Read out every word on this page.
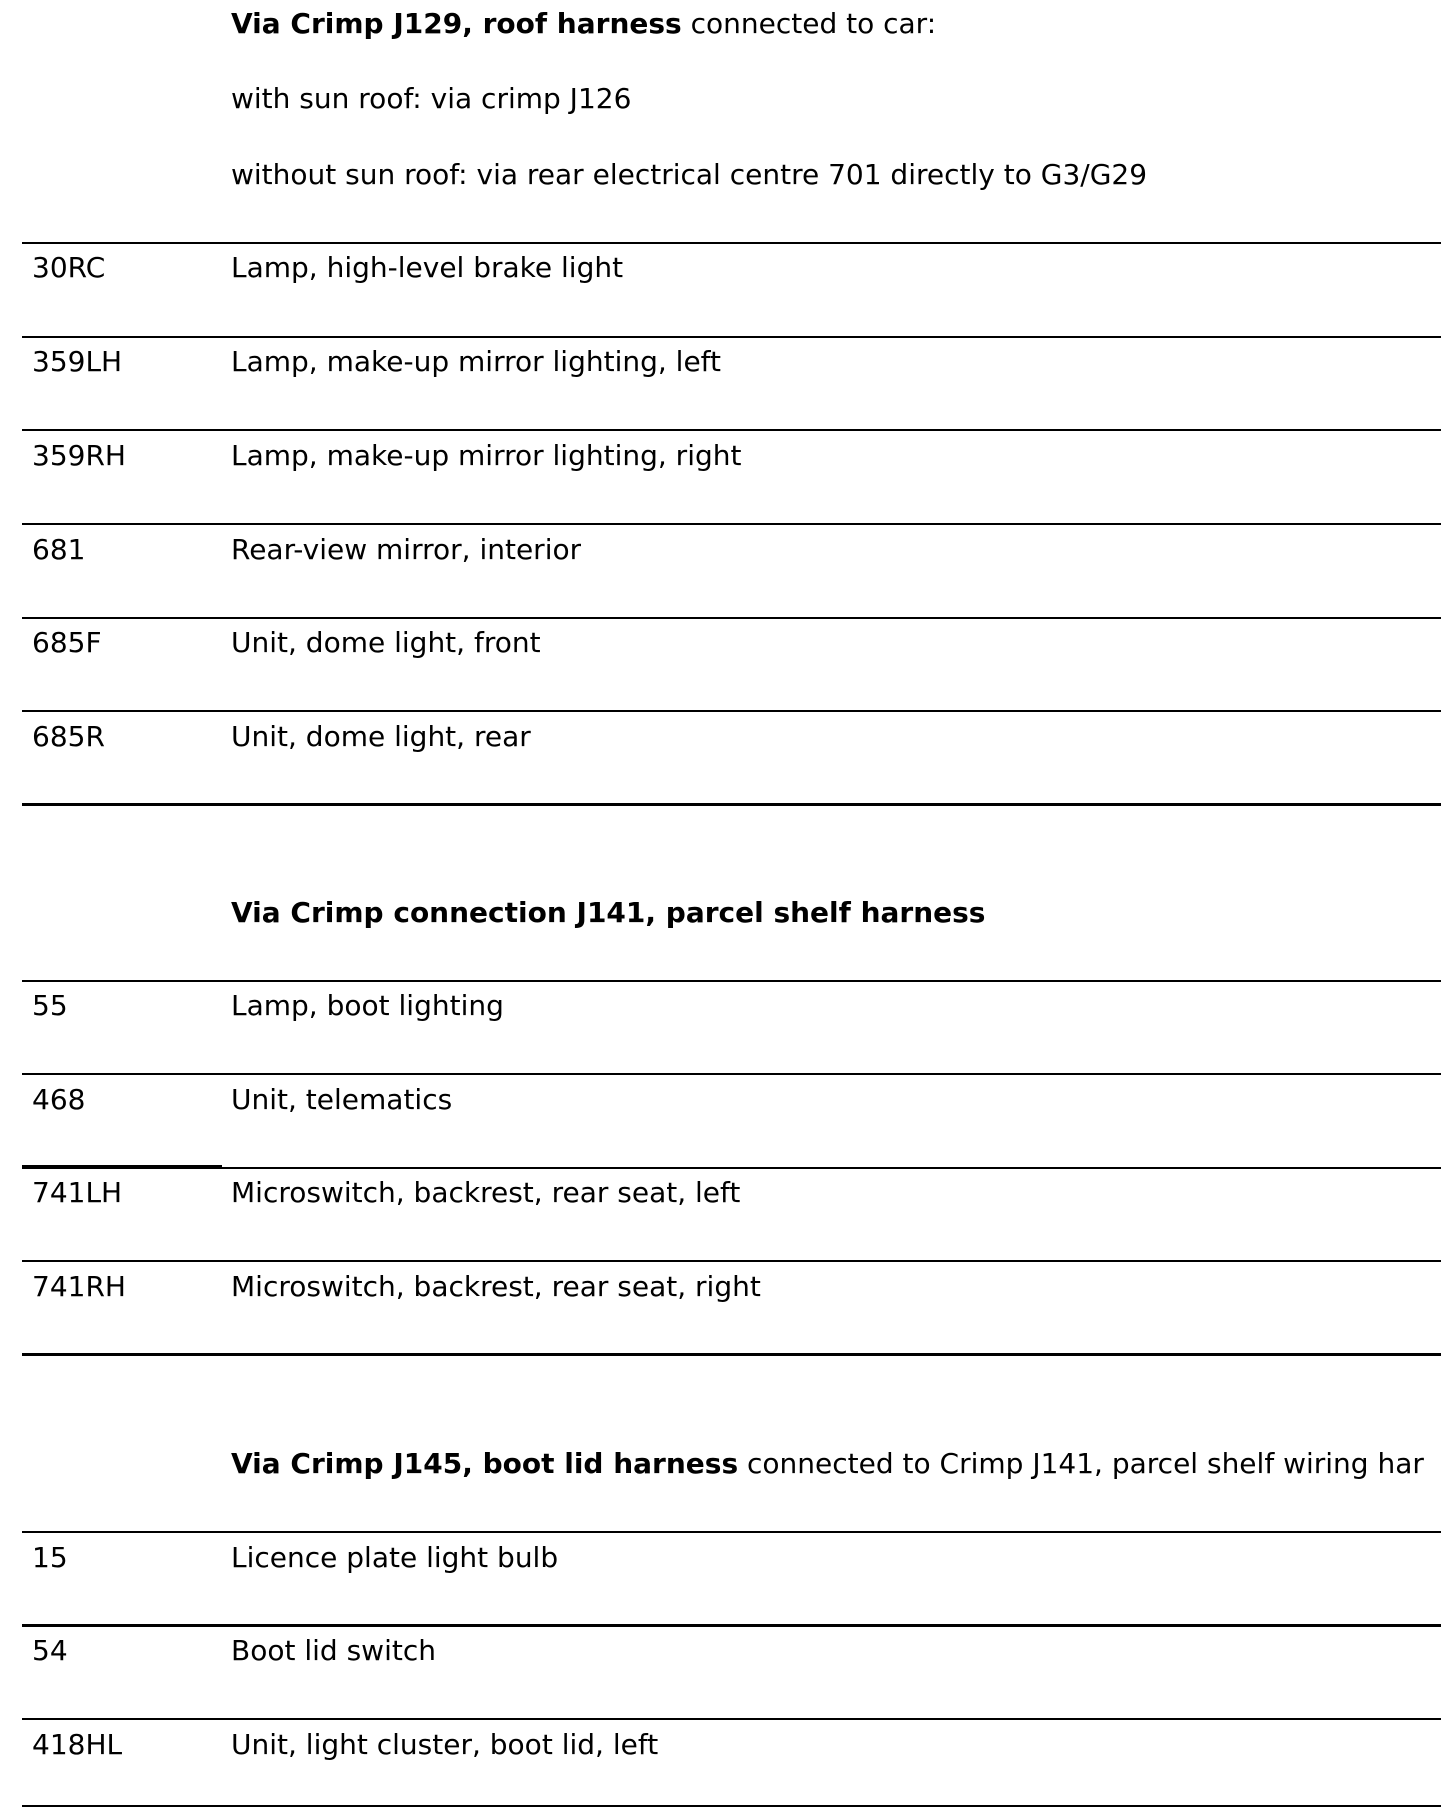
Via Crimp J129, roof harness connected to car:
with sun roof: via crimp J126
without sun roof: via rear electrical centre 701 directly to G3/G29
30RC	Lamp, high-level brake light
359LH	Lamp, make-up mirror lighting, left
359RH	Lamp, make-up mirror lighting, right
681	Rear-view mirror, interior
685F	Unit, dome light, front
685R	Unit, dome light, rear
Via Crimp connection J141, parcel shelf harness
55	Lamp, boot lighting
468	Unit, telematics
741LH	Microswitch, backrest, rear seat, left
741RH	Microswitch, backrest, rear seat, right
Via Crimp J145, boot lid harness connected to Crimp J141, parcel shelf wiring har
15	Licence plate light bulb
54	Boot lid switch
418HL	Unit, light cluster, boot lid, left
